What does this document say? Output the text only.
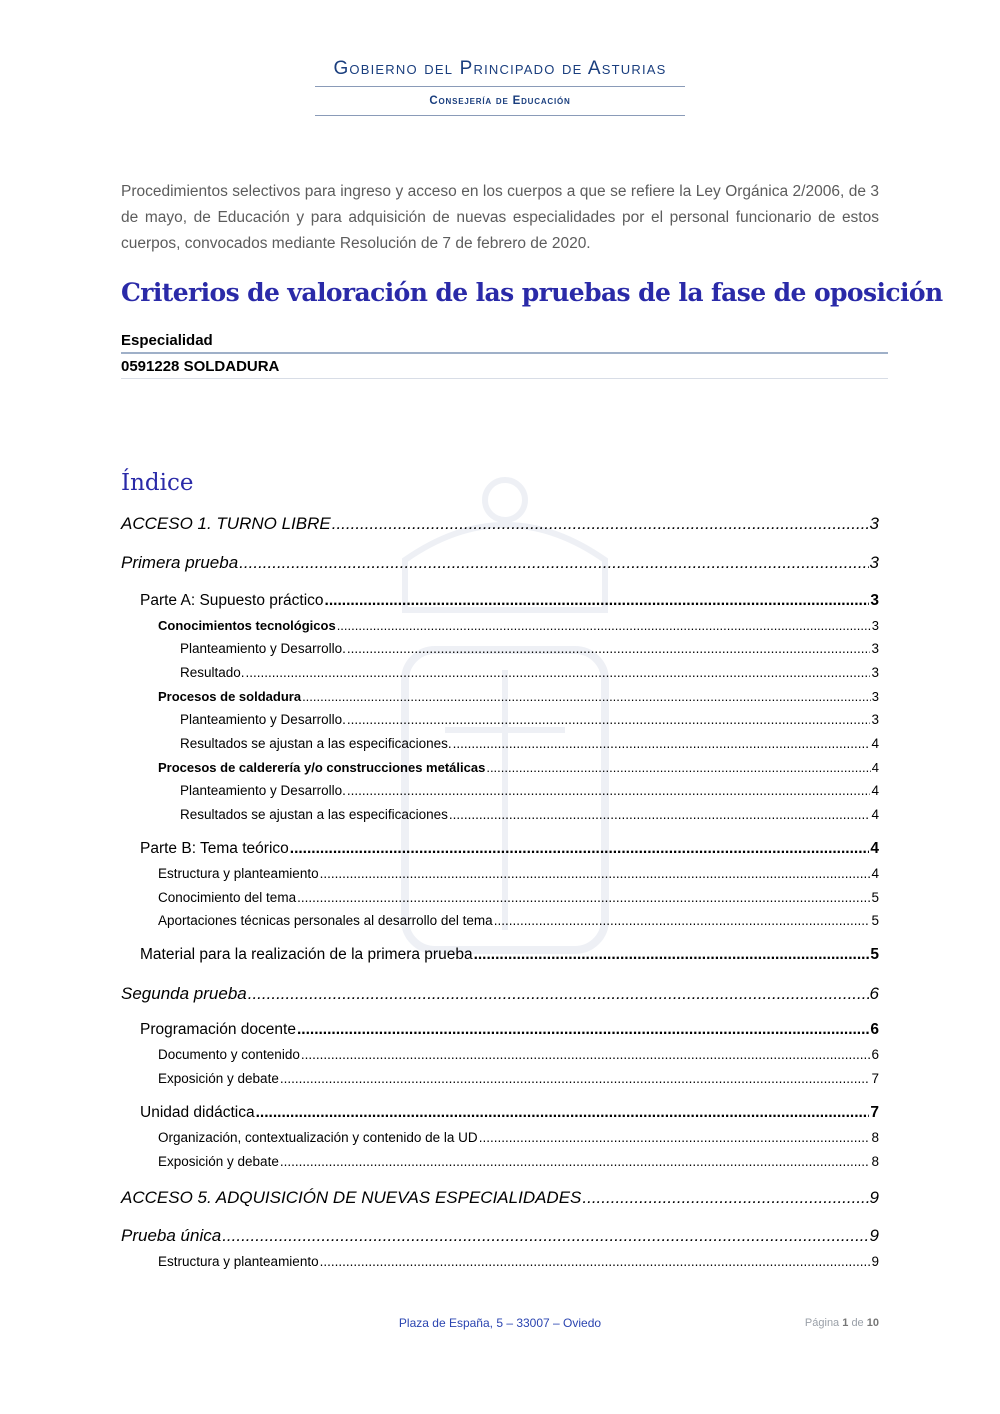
Gobierno del Principado de Asturias
Consejería de Educación
Procedimientos selectivos para ingreso y acceso en los cuerpos a que se refiere la Ley Orgánica 2/2006, de 3 de mayo, de Educación y para adquisición de nuevas especialidades por el personal funcionario de estos cuerpos, convocados mediante Resolución de 7 de febrero de 2020.
Criterios de valoración de las pruebas de la fase de oposición
Especialidad
0591228 SOLDADURA
Índice
ACCESO 1. TURNO LIBRE .....	3
Primera prueba .....	3
Parte A: Supuesto práctico .....	3
Conocimientos tecnológicos .....	3
Planteamiento y Desarrollo. .....	3
Resultado. .....	3
Procesos de soldadura .....	3
Planteamiento y Desarrollo. .....	3
Resultados se ajustan a las especificaciones. .....	4
Procesos de calderería y/o construcciones metálicas .....	4
Planteamiento y Desarrollo. .....	4
Resultados se ajustan a las especificaciones .....	4
Parte B: Tema teórico .....	4
Estructura y planteamiento .....	4
Conocimiento del tema .....	5
Aportaciones técnicas personales al desarrollo del tema .....	5
Material para la realización de la primera prueba .....	5
Segunda prueba .....	6
Programación docente .....	6
Documento y contenido .....	6
Exposición y debate .....	7
Unidad didáctica .....	7
Organización, contextualización y contenido de la UD .....	8
Exposición y debate .....	8
ACCESO 5. ADQUISICIÓN DE NUEVAS ESPECIALIDADES .....	9
Prueba única .....	9
Estructura y planteamiento .....	9
Plaza de España, 5 – 33007 – Oviedo	Página 1 de 10
